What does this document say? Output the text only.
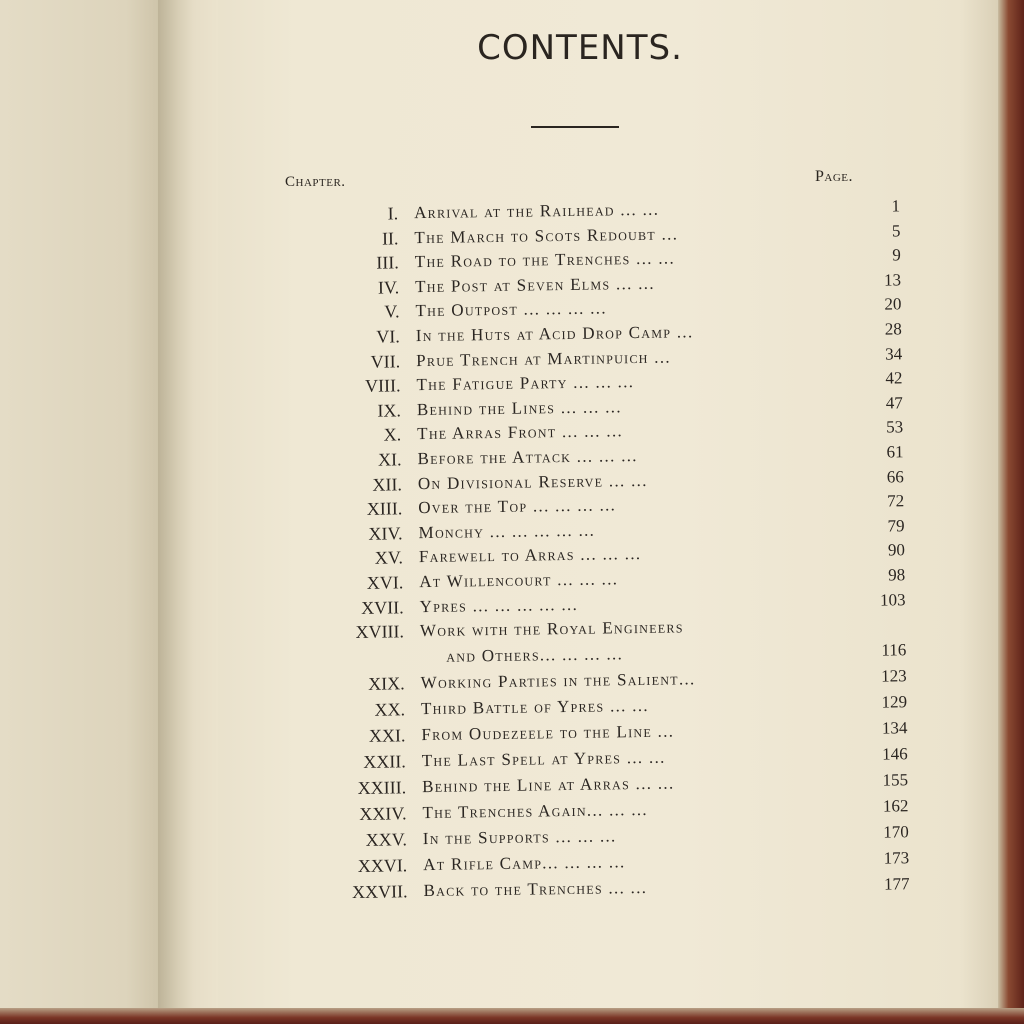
CONTENTS.
Chapter.	Page.
I. Arrival at the Railhead ... ...	1
II. The March to Scots Redoubt ...	5
III. The Road to the Trenches ... ...	9
IV. The Post at Seven Elms ... ...	13
V. The Outpost ... ... ... ...	20
VI. In the Huts at Acid Drop Camp ...	28
VII. Prue Trench at Martinpuich ...	34
VIII. The Fatigue Party ... ... ...	42
IX. Behind the Lines ... ... ...	47
X. The Arras Front ... ... ...	53
XI. Before the Attack ... ... ...	61
XII. On Divisional Reserve ... ...	66
XIII. Over the Top ... ... ... ...	72
XIV. Monchy ... ... ... ... ...	79
XV. Farewell to Arras ... ... ...	90
XVI. At Willencourt ... ... ...	98
XVII. Ypres ... ... ... ... ...	103
XVIII. Work with the Royal Engineers
and Others... ... ... ...	116
XIX. Working Parties in the Salient...	123
XX. Third Battle of Ypres ... ...	129
XXI. From Oudezeele to the Line ...	134
XXII. The Last Spell at Ypres ... ...	146
XXIII. Behind the Line at Arras ... ...	155
XXIV. The Trenches Again... ... ...	162
XXV. In the Supports ... ... ...	170
XXVI. At Rifle Camp... ... ... ...	173
XXVII. Back to the Trenches ... ...	177
